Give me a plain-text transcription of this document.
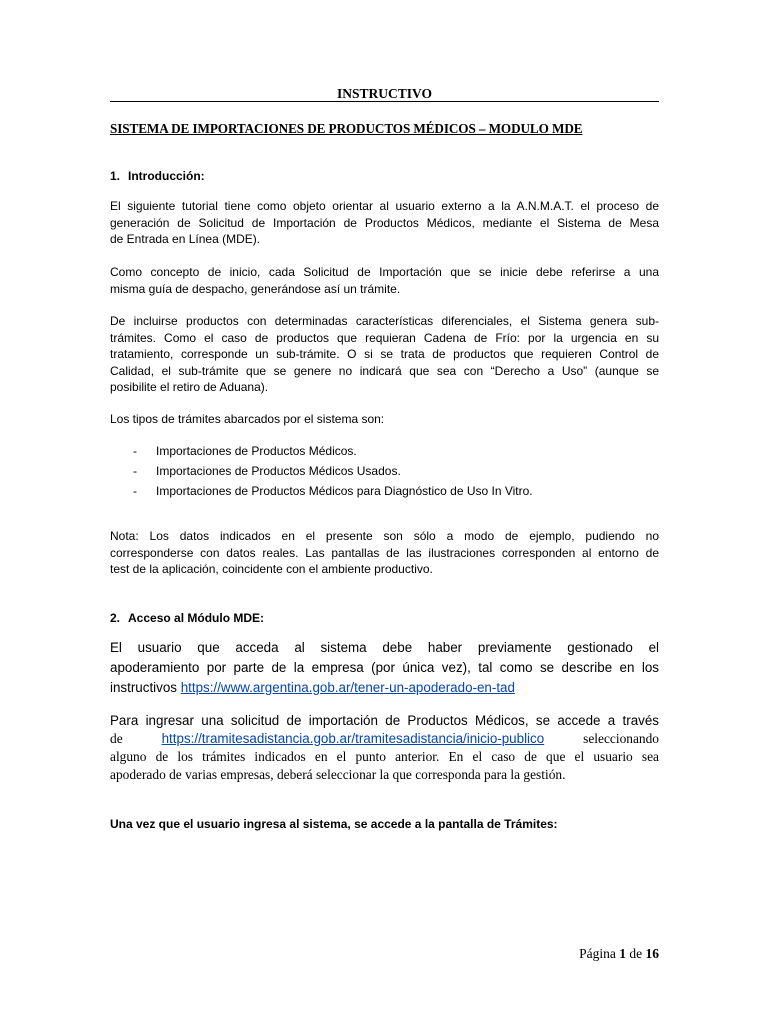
INSTRUCTIVO
SISTEMA DE IMPORTACIONES DE PRODUCTOS MÉDICOS – MODULO MDE
1. Introducción:

El siguiente tutorial tiene como objeto orientar al usuario externo a la A.N.M.A.T. el proceso de

generación de Solicitud de Importación de Productos Médicos, mediante el Sistema de Mesa

de Entrada en Línea (MDE).

Como concepto de inicio, cada Solicitud de Importación que se inicie debe referirse a una

misma guía de despacho, generándose así un trámite.

De incluirse productos con determinadas características diferenciales, el Sistema genera sub-

trámites. Como el caso de productos que requieran Cadena de Frío: por la urgencia en su

tratamiento, corresponde un sub-trámite. O si se trata de productos que requieren Control de

Calidad, el sub-trámite que se genere no indicará que sea con “Derecho a Uso” (aunque se

posibilite el retiro de Aduana).

Los tipos de trámites abarcados por el sistema son:
- Importaciones de Productos Médicos.
- Importaciones de Productos Médicos Usados.
- Importaciones de Productos Médicos para Diagnóstico de Uso In Vitro.

Nota: Los datos indicados en el presente son sólo a modo de ejemplo, pudiendo no

corresponderse con datos reales. Las pantallas de las ilustraciones corresponden al entorno de

test de la aplicación, coincidente con el ambiente productivo.

2. Acceso al Módulo MDE:

El usuario que acceda al sistema debe haber previamente gestionado el

apoderamiento por parte de la empresa (por única vez), tal como se describe en los

instructivos https://www.argentina.gob.ar/tener-un-apoderado-en-tad

Para ingresar una solicitud de importación de Productos Médicos, se accede a través

de	https://tramitesadistancia.gob.ar/tramitesadistancia/inicio-publico	seleccionando

alguno de los trámites indicados en el punto anterior. En el caso de que el usuario sea

apoderado de varias empresas, deberá seleccionar la que corresponda para la gestión.

Una vez que el usuario ingresa al sistema, se accede a la pantalla de Trámites:
Página 1 de 16
